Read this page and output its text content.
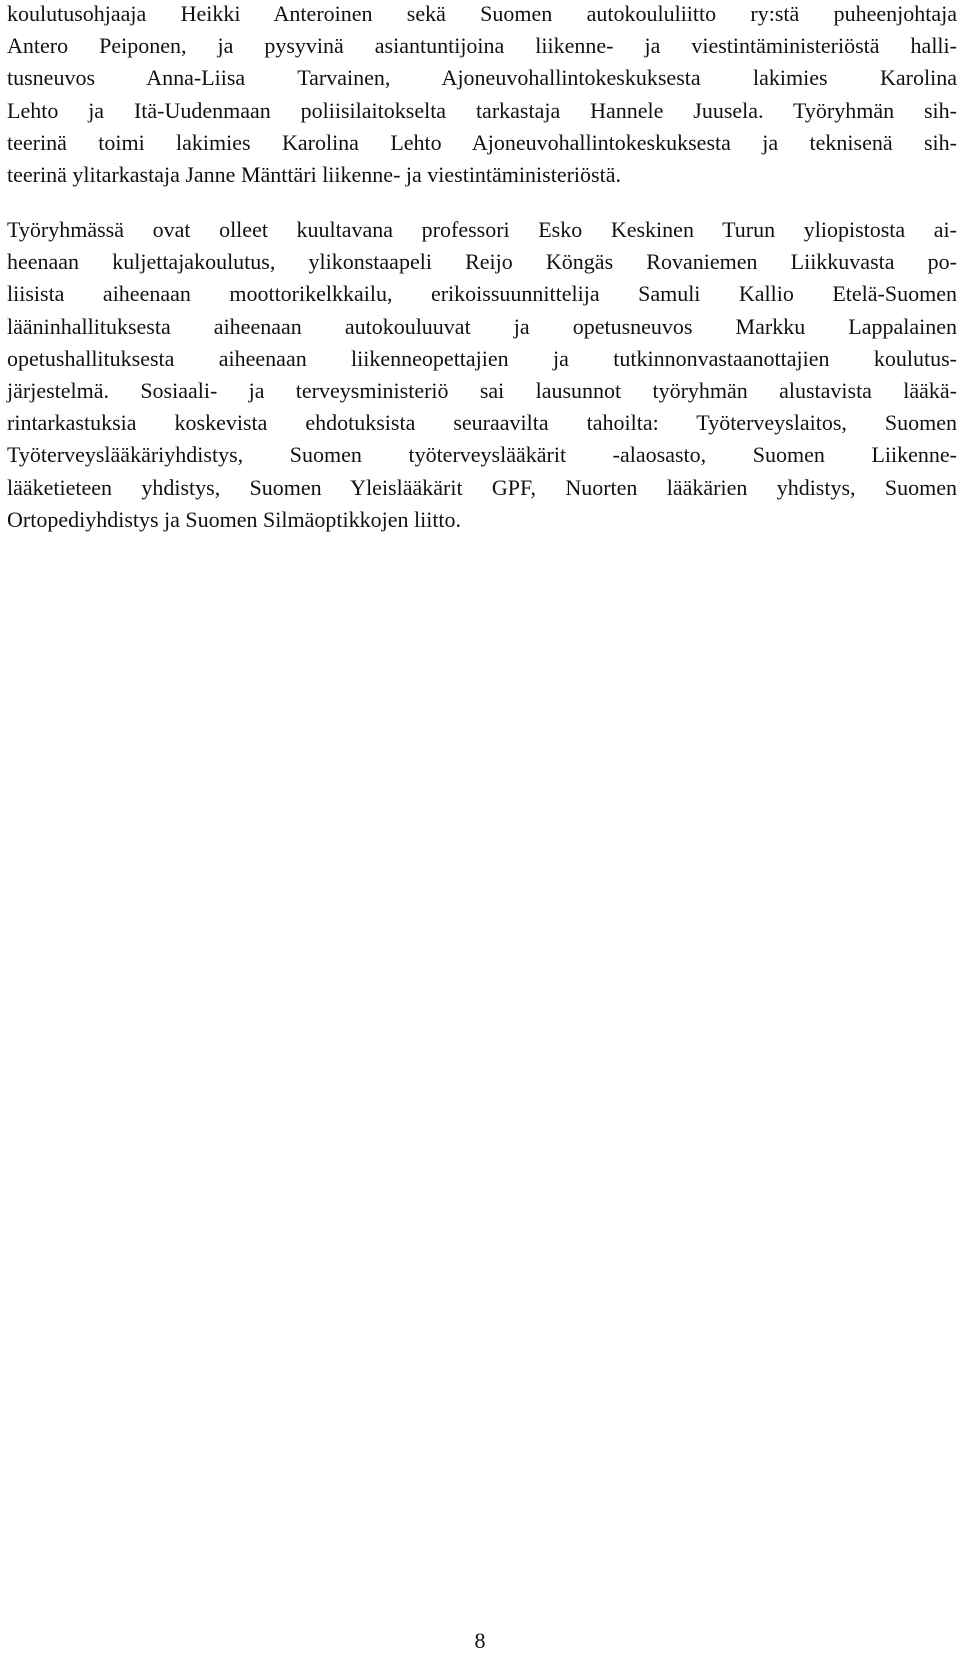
koulutusohjaaja Heikki Anteroinen sekä Suomen autokoululiitto ry:stä puheenjohtaja
Antero Peiponen, ja pysyvinä asiantuntijoina liikenne- ja viestintäministeriöstä halli-
tusneuvos Anna-Liisa Tarvainen, Ajoneuvohallintokeskuksesta lakimies Karolina
Lehto ja Itä-Uudenmaan poliisilaitokselta tarkastaja Hannele Juusela. Työryhmän sih-
teerinä toimi lakimies Karolina Lehto Ajoneuvohallintokeskuksesta ja teknisenä sih-
teerinä ylitarkastaja Janne Mänttäri liikenne- ja viestintäministeriöstä.
Työryhmässä ovat olleet kuultavana professori Esko Keskinen Turun yliopistosta ai-
heenaan kuljettajakoulutus, ylikonstaapeli Reijo Köngäs Rovaniemen Liikkuvasta po-
liisista aiheenaan moottorikelkkailu, erikoissuunnittelija Samuli Kallio Etelä-Suomen
lääninhallituksesta aiheenaan autokouluuvat ja opetusneuvos Markku Lappalainen
opetushallituksesta aiheenaan liikenneopettajien ja tutkinnonvastaanottajien koulutus-
järjestelmä. Sosiaali- ja terveysministeriö sai lausunnot työryhmän alustavista lääkä-
rintarkastuksia koskevista ehdotuksista seuraavilta tahoilta: Työterveyslaitos, Suomen
Työterveyslääkäriyhdistys, Suomen työterveyslääkärit -alaosasto, Suomen Liikenne-
lääketieteen yhdistys, Suomen Yleislääkärit GPF, Nuorten lääkärien yhdistys, Suomen
Ortopediyhdistys ja Suomen Silmäoptikkojen liitto.
8
